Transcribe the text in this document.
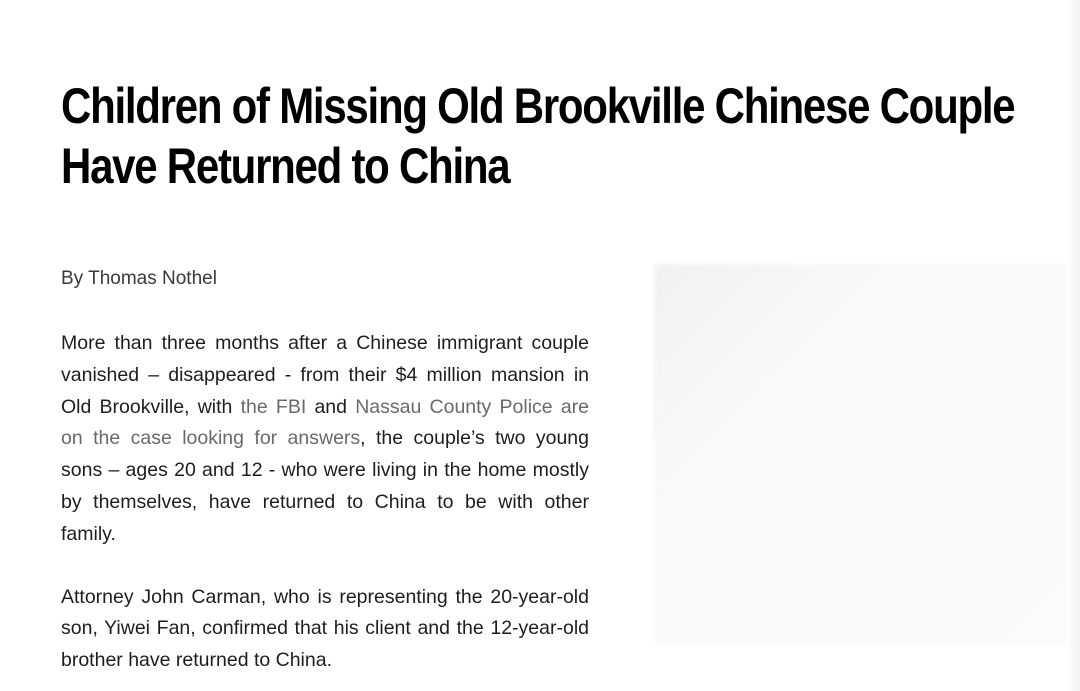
Children of Missing Old Brookville Chinese Couple
Have Returned to China

By Thomas Nothel

More than three months after a Chinese immigrant couple vanished – disappeared - from their $4 million mansion in Old Brookville, with the FBI and Nassau County Police are on the case looking for answers, the couple’s two young sons – ages 20 and 12 - who were living in the home mostly by themselves, have returned to China to be with other family.

Attorney John Carman, who is representing the 20-year-old son, Yiwei Fan, confirmed that his client and the 12-year-old brother have returned to China.
